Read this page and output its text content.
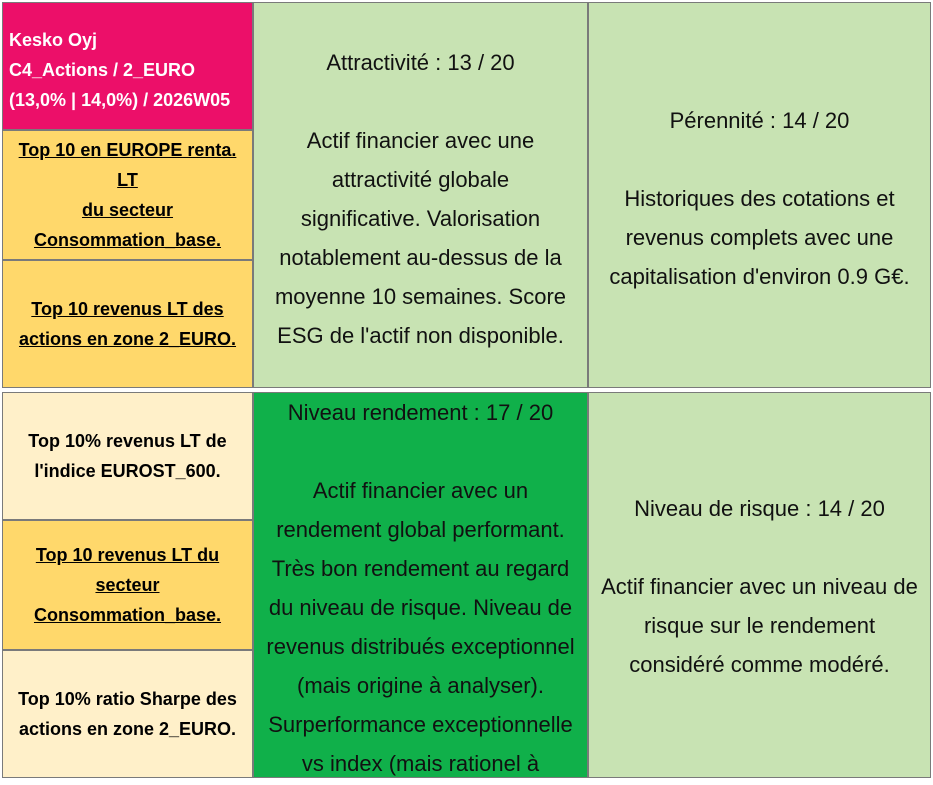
Kesko Oyj
C4_Actions / 2_EURO
(13,0% | 14,0%) / 2026W05
Top 10 en EUROPE renta. LT
du secteur
Consommation_base.
Top 10 revenus LT des
actions en zone 2_EURO.
Top 10% revenus LT de
l'indice EUROST_600.
Top 10 revenus LT du
secteur
Consommation_base.
Top 10% ratio Sharpe des
actions en zone 2_EURO.
Attractivité : 13 / 20
Actif financier avec une
attractivité globale
significative. Valorisation
notablement au-dessus de la
moyenne 10 semaines. Score
ESG de l'actif non disponible.
Pérennité : 14 / 20
Historiques des cotations et
revenus complets avec une
capitalisation d'environ 0.9 G€.
Niveau rendement : 17 / 20
Actif financier avec un
rendement global performant.
Très bon rendement au regard
du niveau de risque. Niveau de
revenus distribués exceptionnel
(mais origine à analyser).
Surperformance exceptionnelle
vs index (mais rationel à
Niveau de risque : 14 / 20
Actif financier avec un niveau de
risque sur le rendement
considéré comme modéré.
